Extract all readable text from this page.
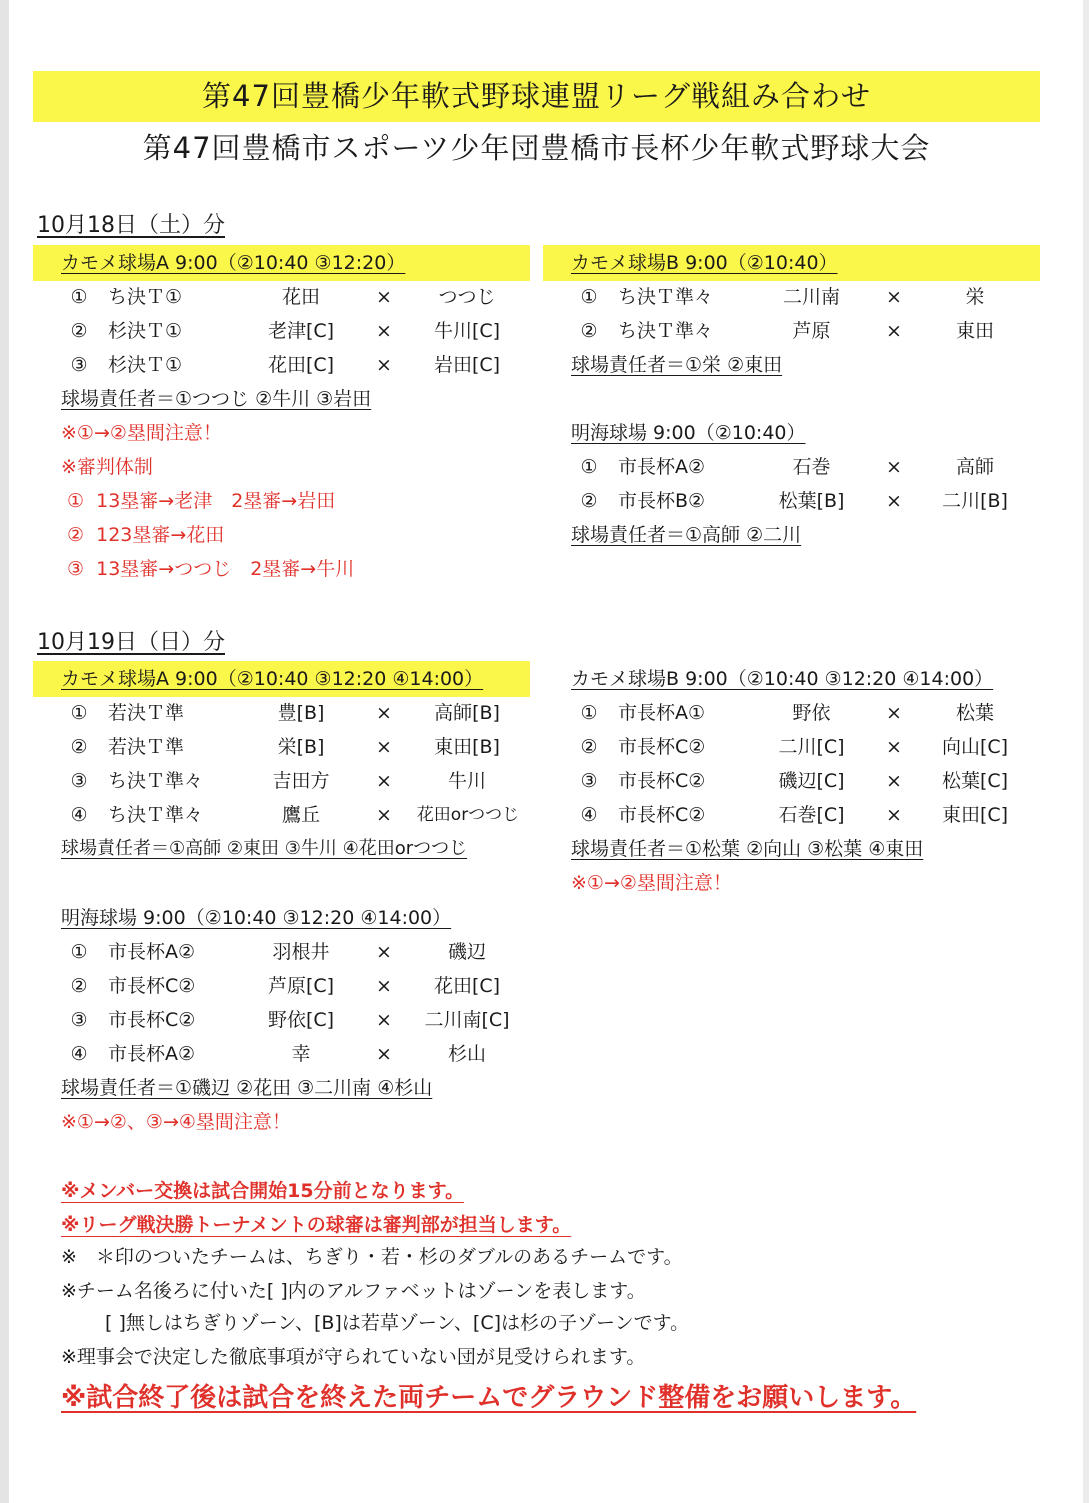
第47回豊橋少年軟式野球連盟リーグ戦組み合わせ
第47回豊橋市スポーツ少年団豊橋市長杯少年軟式野球大会
10月18日（土）分
カモメ球場A 9:00（②10:40 ③12:20）
①	ち決Ｔ①	花田	×	つつじ
②	杉決Ｔ①	老津[C]	×	牛川[C]
③	杉決Ｔ①	花田[C]	×	岩田[C]
球場責任者＝①つつじ ②牛川 ③岩田
※①→②塁間注意！
※審判体制
①  13塁審→老津　2塁審→岩田
②  123塁審→花田
③  13塁審→つつじ　2塁審→牛川
カモメ球場B 9:00（②10:40）
①	ち決Ｔ準々	二川南	×	栄
②	ち決Ｔ準々	芦原	×	東田
球場責任者＝①栄 ②東田
明海球場 9:00（②10:40）
①	市長杯A②	石巻	×	高師
②	市長杯B②	松葉[B]	×	二川[B]
球場責任者＝①高師 ②二川
10月19日（日）分
カモメ球場A 9:00（②10:40 ③12:20 ④14:00）
①	若決Ｔ準	豊[B]	×	高師[B]
②	若決Ｔ準	栄[B]	×	東田[B]
③	ち決Ｔ準々	吉田方	×	牛川
④	ち決Ｔ準々	鷹丘	×	花田orつつじ
球場責任者＝①高師 ②東田 ③牛川 ④花田orつつじ
カモメ球場B 9:00（②10:40 ③12:20 ④14:00）
①	市長杯A①	野依	×	松葉
②	市長杯C②	二川[C]	×	向山[C]
③	市長杯C②	磯辺[C]	×	松葉[C]
④	市長杯C②	石巻[C]	×	東田[C]
球場責任者＝①松葉 ②向山 ③松葉 ④東田
※①→②塁間注意！
明海球場 9:00（②10:40 ③12:20 ④14:00）
①	市長杯A②	羽根井	×	磯辺
②	市長杯C②	芦原[C]	×	花田[C]
③	市長杯C②	野依[C]	×	二川南[C]
④	市長杯A②	幸	×	杉山
球場責任者＝①磯辺 ②花田 ③二川南 ④杉山
※①→②、③→④塁間注意！
※メンバー交換は試合開始15分前となります。
※リーグ戦決勝トーナメントの球審は審判部が担当します。
※　＊印のついたチームは、ちぎり・若・杉のダブルのあるチームです。
※チーム名後ろに付いた[ ]内のアルファベットはゾーンを表します。
[ ]無しはちぎりゾーン、[B]は若草ゾーン、[C]は杉の子ゾーンです。
※理事会で決定した徹底事項が守られていない団が見受けられます。
※試合終了後は試合を終えた両チームでグラウンド整備をお願いします。
